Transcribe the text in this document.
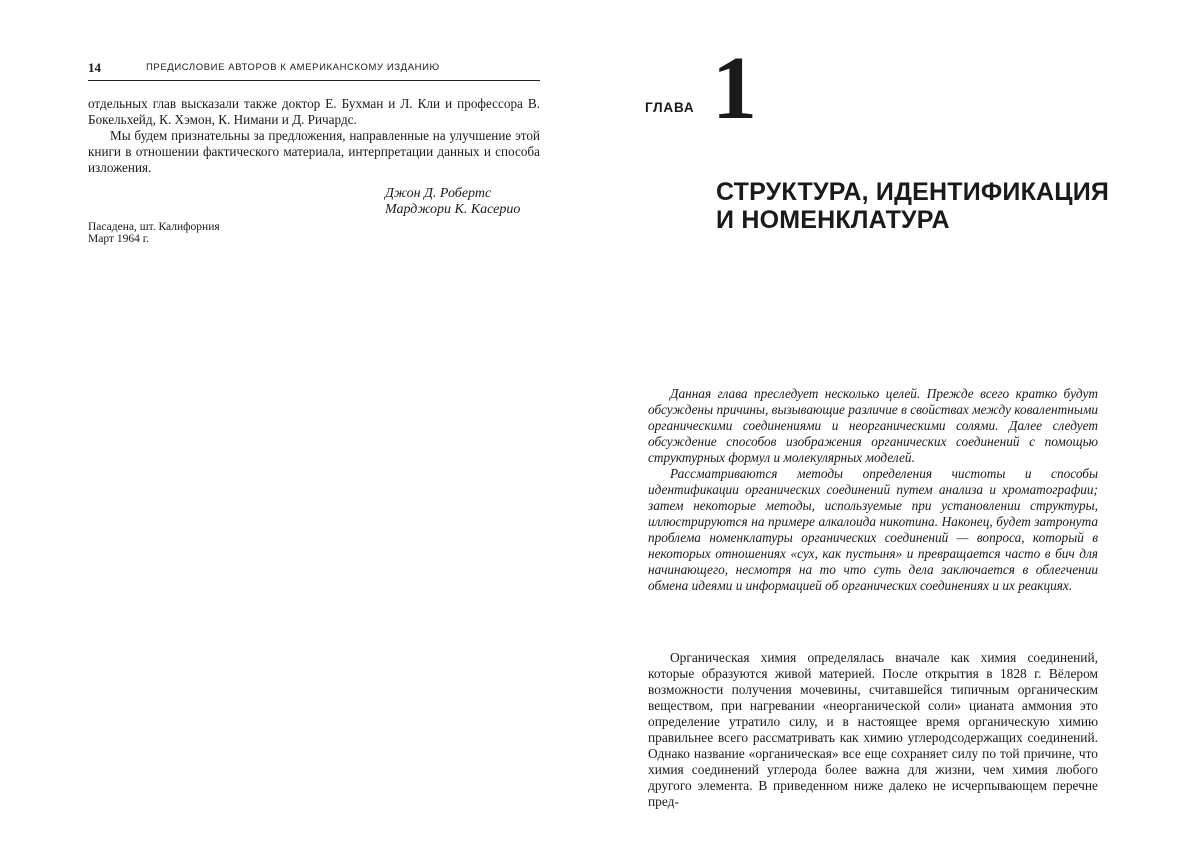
14	ПРЕДИСЛОВИЕ АВТОРОВ К АМЕРИКАНСКОМУ ИЗДАНИЮ

отдельных глав высказали также доктор Е. Бухман и Л. Кли и профессора В. Бокельхейд, К. Хэмон, К. Нимани и Д. Ричардс.

Мы будем признательны за предложения, направленные на улучшение этой книги в отношении фактического материала, интерпретации данных и способа изложения.

Джон Д. Робертс
Марджори К. Касерио
Пасадена, шт. Калифорния
Март 1964 г.
ГЛАВА 1
СТРУКТУРА, ИДЕНТИФИКАЦИЯ
И НОМЕНКЛАТУРА

Данная глава преследует несколько целей. Прежде всего кратко будут обсуждены причины, вызывающие различие в свойствах между ковалентными органическими соединениями и неорганическими солями. Далее следует обсуждение способов изображения органических соединений с помощью структурных формул и молекулярных моделей.

Рассматриваются методы определения чистоты и способы идентификации органических соединений путем анализа и хроматографии; затем некоторые методы, используемые при установлении структуры, иллюстрируются на примере алкалоида никотина. Наконец, будет затронута проблема номенклатуры органических соединений — вопроса, который в некоторых отношениях «сух, как пустыня» и превращается часто в бич для начинающего, несмотря на то что суть дела заключается в облегчении обмена идеями и информацией об органических соединениях и их реакциях.

Органическая химия определялась вначале как химия соединений, которые образуются живой материей. После открытия в 1828 г. Вёлером возможности получения мочевины, считавшейся типичным органическим веществом, при нагревании «неорганической соли» цианата аммония это определение утратило силу, и в настоящее время органическую химию правильнее всего рассматривать как химию углеродсодержащих соединений. Однако название «органическая» все еще сохраняет силу по той причине, что химия соединений углерода более важна для жизни, чем химия любого другого элемента. В приведенном ниже далеко не исчерпывающем перечне пред-
